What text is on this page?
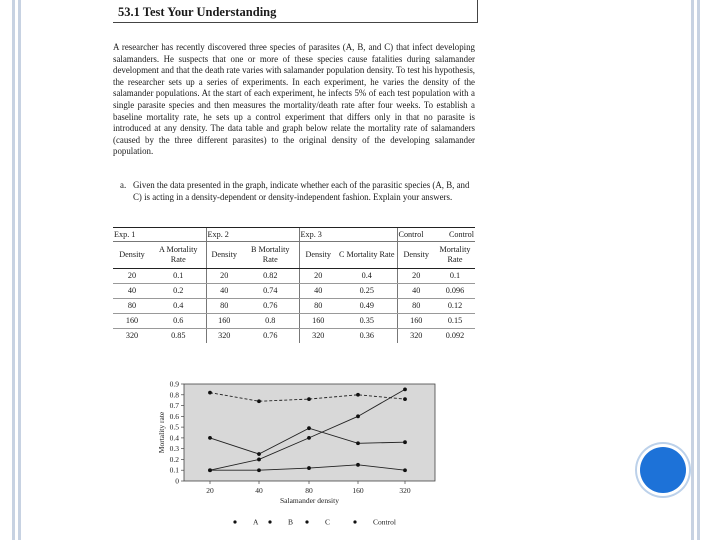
53.1 Test Your Understanding

A researcher has recently discovered three species of parasites (A, B, and C) that infect developing salamanders. He suspects that one or more of these species cause fatalities during salamander development and that the death rate varies with salamander population density. To test his hypothesis, the researcher sets up a series of experiments. In each experiment, he varies the density of the salamander populations. At the start of each experiment, he infects 5% of each test population with a single parasite species and then measures the mortality/death rate after four weeks. To establish a baseline mortality rate, he sets up a control experiment that differs only in that no parasite is introduced at any density. The data table and graph below relate the mortality rate of salamanders (caused by the three different parasites) to the original density of the developing salamander population.

a. Given the data presented in the graph, indicate whether each of the parasitic species (A, B, and C) is acting in a density-dependent or density-independent fashion. Explain your answers.
Exp. 1		Exp. 2		Exp. 3		Control	Control
Density	A Mortality Rate	Density	B Mortality Rate	Density	C Mortality Rate	Density	Mortality Rate
20	0.1	20	0.82	20	0.4	20	0.1
40	0.2	40	0.74	40	0.25	40	0.096
80	0.4	80	0.76	80	0.49	80	0.12
160	0.6	160	0.8	160	0.35	160	0.15
320	0.85	320	0.76	320	0.36	320	0.092
0
0.1
0.2
0.3
0.4
0.5
0.6
0.7
0.8
0.9
20	40	80	160	320
Salamander density
Mortality rate
A	B	C	Control
